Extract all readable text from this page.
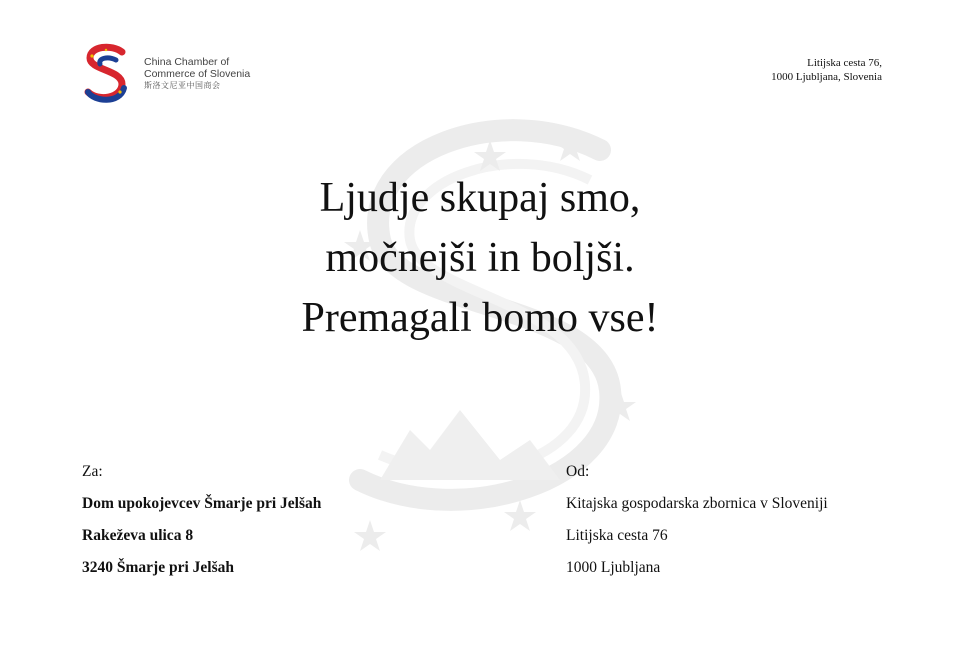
China Chamber of
Commerce of Slovenia
斯洛文尼亚中国商会
Litijska cesta 76,
1000 Ljubljana, Slovenia
Ljudje skupaj smo,
močnejši in boljši.
Premagali bomo vse!
Za:
Dom upokojevcev Šmarje pri Jelšah
Rakeževa ulica 8
3240 Šmarje pri Jelšah
Od:
Kitajska gospodarska zbornica v Sloveniji
Litijska cesta 76
1000 Ljubljana
